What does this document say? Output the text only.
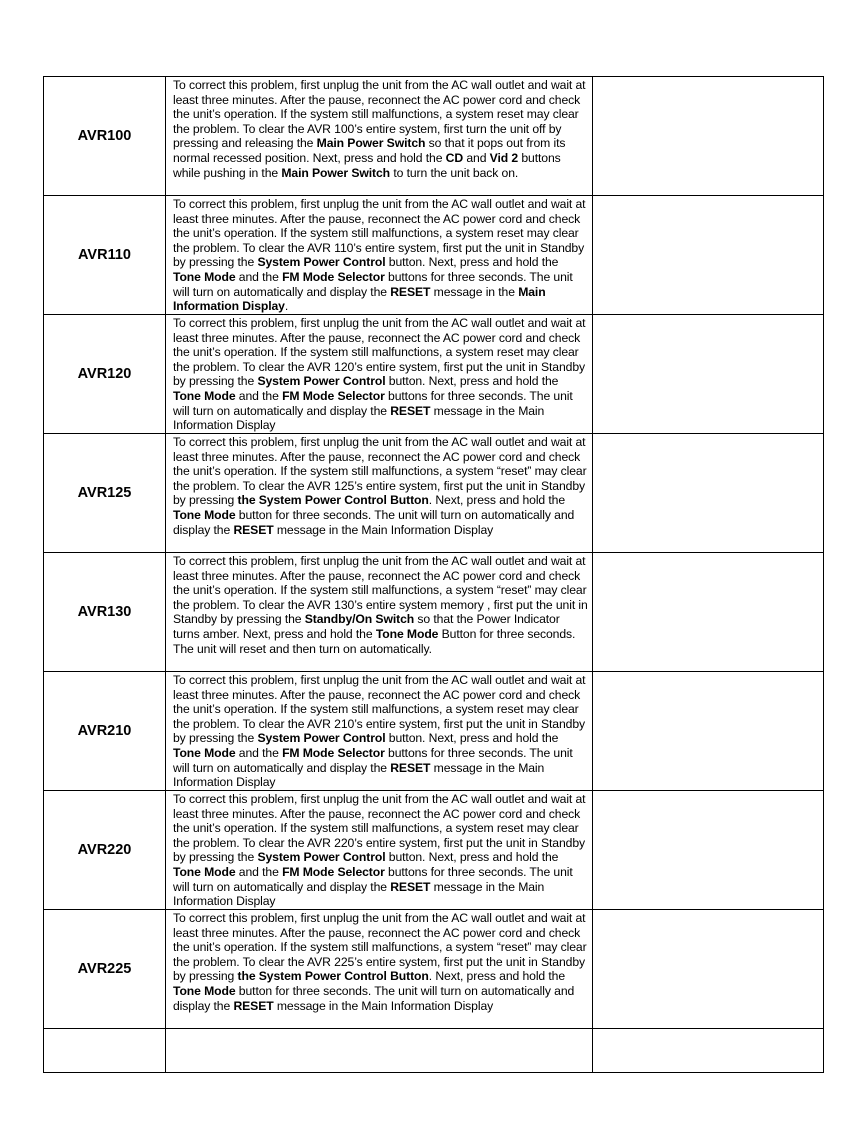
AVR100	To correct this problem, first unplug the unit from the AC wall outlet and wait at least three minutes. After the pause, reconnect the AC power cord and check the unit’s operation. If the system still malfunctions, a system reset may clear the problem. To clear the AVR 100’s entire system, first turn the unit off by pressing and releasing the Main Power Switch so that it pops out from its normal recessed position. Next, press and hold the CD and Vid 2 buttons while pushing in the Main Power Switch to turn the unit back on.	
AVR110	To correct this problem, first unplug the unit from the AC wall outlet and wait at least three minutes. After the pause, reconnect the AC power cord and check the unit’s operation. If the system still malfunctions, a system reset may clear the problem. To clear the AVR 110’s entire system, first put the unit in Standby by pressing the System Power Control button. Next, press and hold the Tone Mode and the FM Mode Selector buttons for three seconds. The unit will turn on automatically and display the RESET message in the Main Information Display.	
AVR120	To correct this problem, first unplug the unit from the AC wall outlet and wait at least three minutes. After the pause, reconnect the AC power cord and check the unit’s operation. If the system still malfunctions, a system reset may clear the problem. To clear the AVR 120’s entire system, first put the unit in Standby by pressing the System Power Control button. Next, press and hold the Tone Mode and the FM Mode Selector buttons for three seconds. The unit will turn on automatically and display the RESET message in the Main Information Display	
AVR125	To correct this problem, first unplug the unit from the AC wall outlet and wait at least three minutes. After the pause, reconnect the AC power cord and check the unit’s operation. If the system still malfunctions, a system “reset” may clear the problem. To clear the AVR 125’s entire system, first put the unit in Standby by pressing the System Power Control Button. Next, press and hold the Tone Mode button for three seconds. The unit will turn on automatically and display the RESET message in the Main Information Display	
AVR130	To correct this problem, first unplug the unit from the AC wall outlet and wait at least three minutes. After the pause, reconnect the AC power cord and check the unit’s operation. If the system still malfunctions, a system “reset” may clear the problem. To clear the AVR 130’s entire system memory , first put the unit in Standby by pressing the Standby/On Switch so that the Power Indicator turns amber. Next, press and hold the Tone Mode Button for three seconds. The unit will reset and then turn on automatically.	
AVR210	To correct this problem, first unplug the unit from the AC wall outlet and wait at least three minutes. After the pause, reconnect the AC power cord and check the unit’s operation. If the system still malfunctions, a system reset may clear the problem. To clear the AVR 210’s entire system, first put the unit in Standby by pressing the System Power Control button. Next, press and hold the Tone Mode and the FM Mode Selector buttons for three seconds. The unit will turn on automatically and display the RESET message in the Main Information Display	
AVR220	To correct this problem, first unplug the unit from the AC wall outlet and wait at least three minutes. After the pause, reconnect the AC power cord and check the unit’s operation. If the system still malfunctions, a system reset may clear the problem. To clear the AVR 220’s entire system, first put the unit in Standby by pressing the System Power Control button. Next, press and hold the Tone Mode and the FM Mode Selector buttons for three seconds. The unit will turn on automatically and display the RESET message in the Main Information Display	
AVR225	To correct this problem, first unplug the unit from the AC wall outlet and wait at least three minutes. After the pause, reconnect the AC power cord and check the unit’s operation. If the system still malfunctions, a system “reset” may clear the problem. To clear the AVR 225’s entire system, first put the unit in Standby by pressing the System Power Control Button. Next, press and hold the Tone Mode button for three seconds. The unit will turn on automatically and display the RESET message in the Main Information Display	
